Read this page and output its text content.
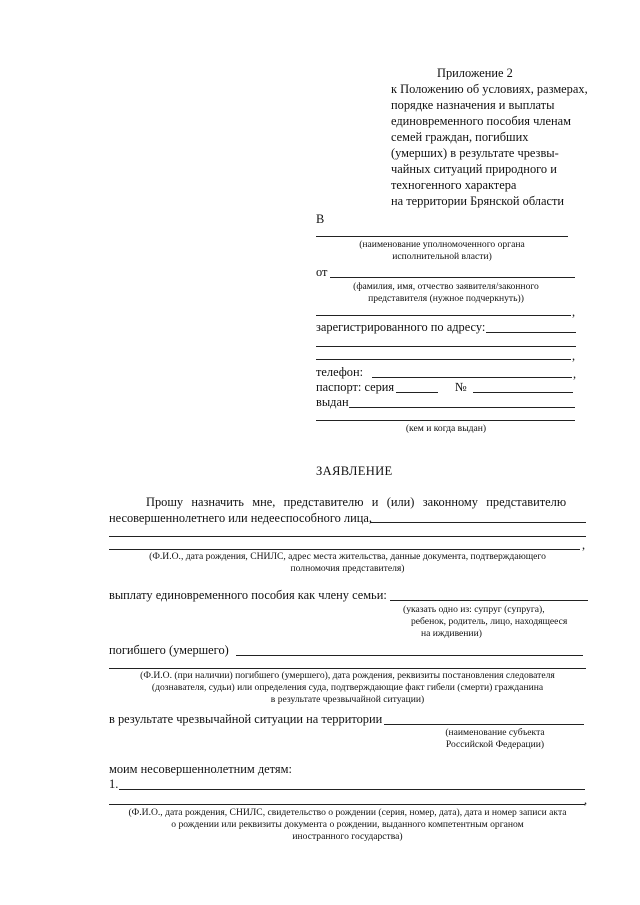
Приложение 2
к Положению об условиях, размерах,
порядке назначения и выплаты
единовременного пособия членам
семей граждан, погибших
(умерших) в результате чрезвы-
чайных ситуаций природного и
техногенного характера
на территории Брянской области
В
(наименование уполномоченного органа
исполнительной власти)
от
(фамилия, имя, отчество заявителя/законного
представителя (нужное подчеркнуть))
,
зарегистрированного по адресу:
,
телефон:	,
паспорт: серия	№
выдан
(кем и когда выдан)
ЗАЯВЛЕНИЕ
Прошу назначить мне, представителю и (или) законному представителю
несовершеннолетнего или недееспособного лица,
,
(Ф.И.О., дата рождения, СНИЛС, адрес места жительства, данные документа, подтверждающего
полномочия представителя)
выплату единовременного пособия как члену семьи:
(указать одно из: супруг (супруга),
ребенок, родитель, лицо, находящееся
на иждивении)
погибшего (умершего)
(Ф.И.О. (при наличии) погибшего (умершего), дата рождения, реквизиты постановления следователя
(дознавателя, судьи) или определения суда, подтверждающие факт гибели (смерти) гражданина
в результате чрезвычайной ситуации)
в результате чрезвычайной ситуации на территории
(наименование субъекта
Российской Федерации)
моим несовершеннолетним детям:
1.
,
(Ф.И.О., дата рождения, СНИЛС, свидетельство о рождении (серия, номер, дата), дата и номер записи акта
о рождении или реквизиты документа о рождении, выданного компетентным органом
иностранного государства)
